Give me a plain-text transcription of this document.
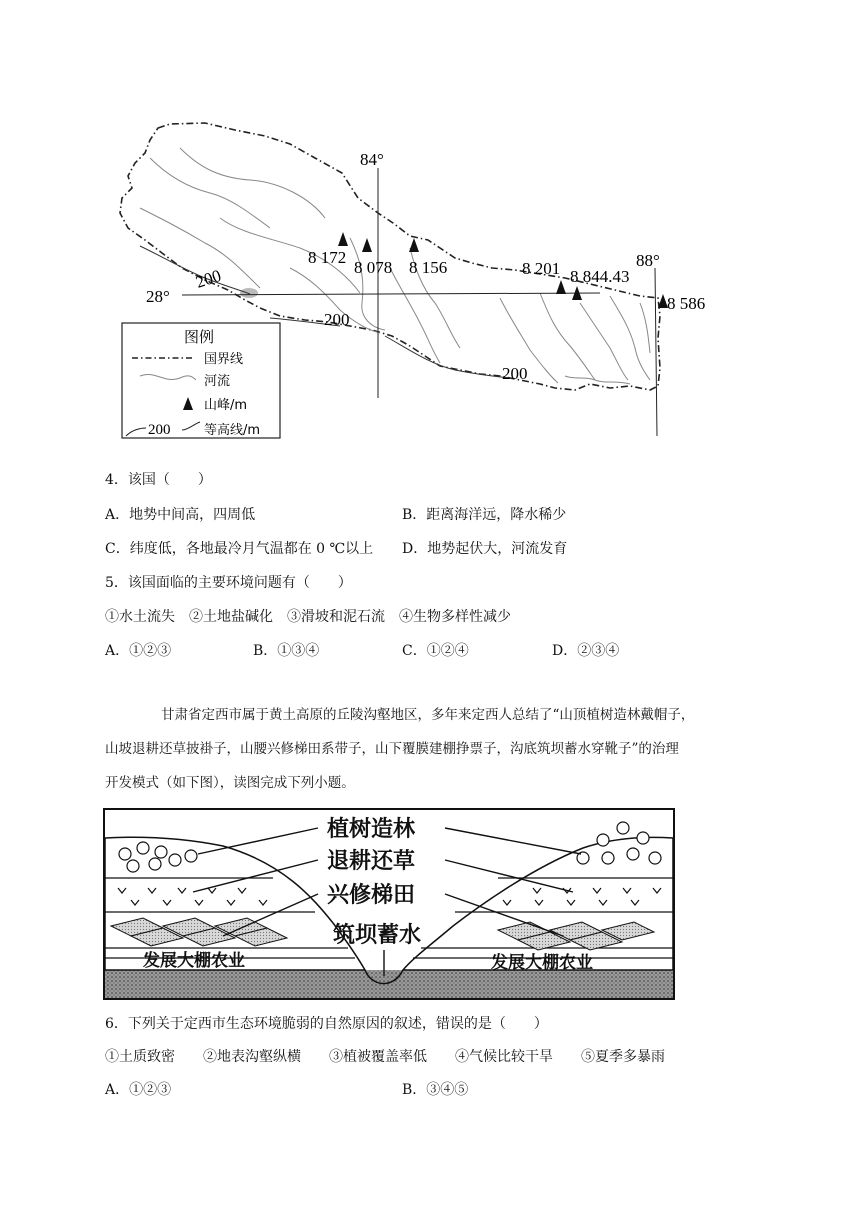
84°
88°
28°
200
200
200
8 172
8 078 8 156	8 201 8 844.43
8 586
图例
国界线
河流
山峰/m
200	等高线/m
4．该国（　　）
A．地势中间高，四周低	B．距离海洋远，降水稀少
C．纬度低，各地最冷月气温都在 0 ℃以上 D．地势起伏大，河流发育
5．该国面临的主要环境问题有（　　）
①水土流失　②土地盐碱化　③滑坡和泥石流　④生物多样性减少
A．①②③	B．①③④	C．①②④	D．②③④

甘肃省定西市属于黄土高原的丘陵沟壑地区，多年来定西人总结了“山顶植树造林戴帽子，

山坡退耕还草披褂子，山腰兴修梯田系带子，山下覆膜建棚挣票子，沟底筑坝蓄水穿靴子”的治理
开发模式（如下图），读图完成下列小题。
植树造林
退耕还草
兴修梯田
筑坝蓄水
发展大棚农业	发展大棚农业
6．下列关于定西市生态环境脆弱的自然原因的叙述，错误的是（　　）
①土质致密　　②地表沟壑纵横　　③植被覆盖率低　　④气候比较干旱　　⑤夏季多暴雨
A．①②③	B．③④⑤
